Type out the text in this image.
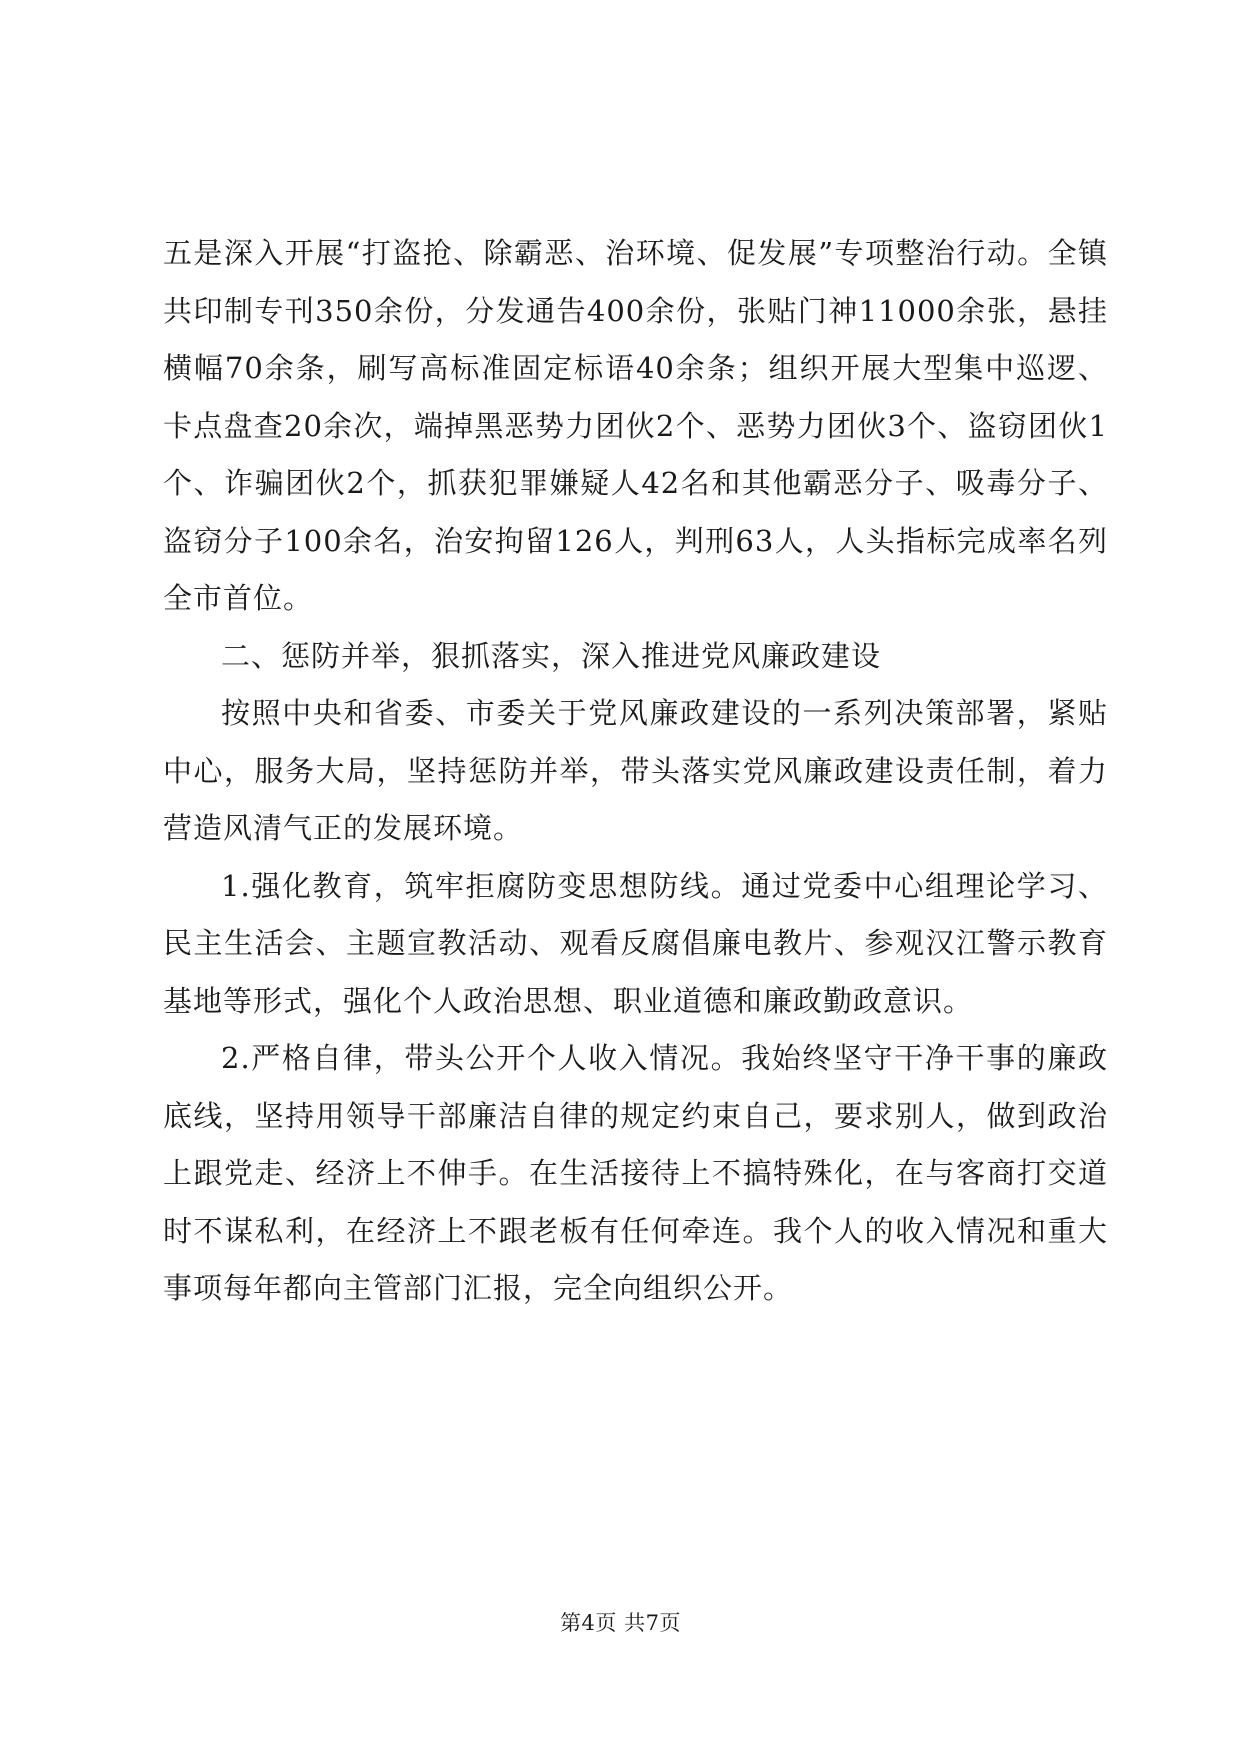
五是深入开展“打盗抢、除霸恶、治环境、促发展”专项整治行动。全镇共印制专刊350余份，分发通告400余份，张贴门神11000余张，悬挂横幅70余条，刷写高标准固定标语40余条；组织开展大型集中巡逻、卡点盘查20余次，端掉黑恶势力团伙2个、恶势力团伙3个、盗窃团伙1个、诈骗团伙2个，抓获犯罪嫌疑人42名和其他霸恶分子、吸毒分子、盗窃分子100余名，治安拘留126人，判刑63人，人头指标完成率名列全市首位。

二、惩防并举，狠抓落实，深入推进党风廉政建设

按照中央和省委、市委关于党风廉政建设的一系列决策部署，紧贴中心，服务大局，坚持惩防并举，带头落实党风廉政建设责任制，着力营造风清气正的发展环境。

1.强化教育，筑牢拒腐防变思想防线。通过党委中心组理论学习、民主生活会、主题宣教活动、观看反腐倡廉电教片、参观汉江警示教育基地等形式，强化个人政治思想、职业道德和廉政勤政意识。

2.严格自律，带头公开个人收入情况。我始终坚守干净干事的廉政底线，坚持用领导干部廉洁自律的规定约束自己，要求别人，做到政治上跟党走、经济上不伸手。在生活接待上不搞特殊化，在与客商打交道时不谋私利，在经济上不跟老板有任何牵连。我个人的收入情况和重大事项每年都向主管部门汇报，完全向组织公开。

第4页 共7页
